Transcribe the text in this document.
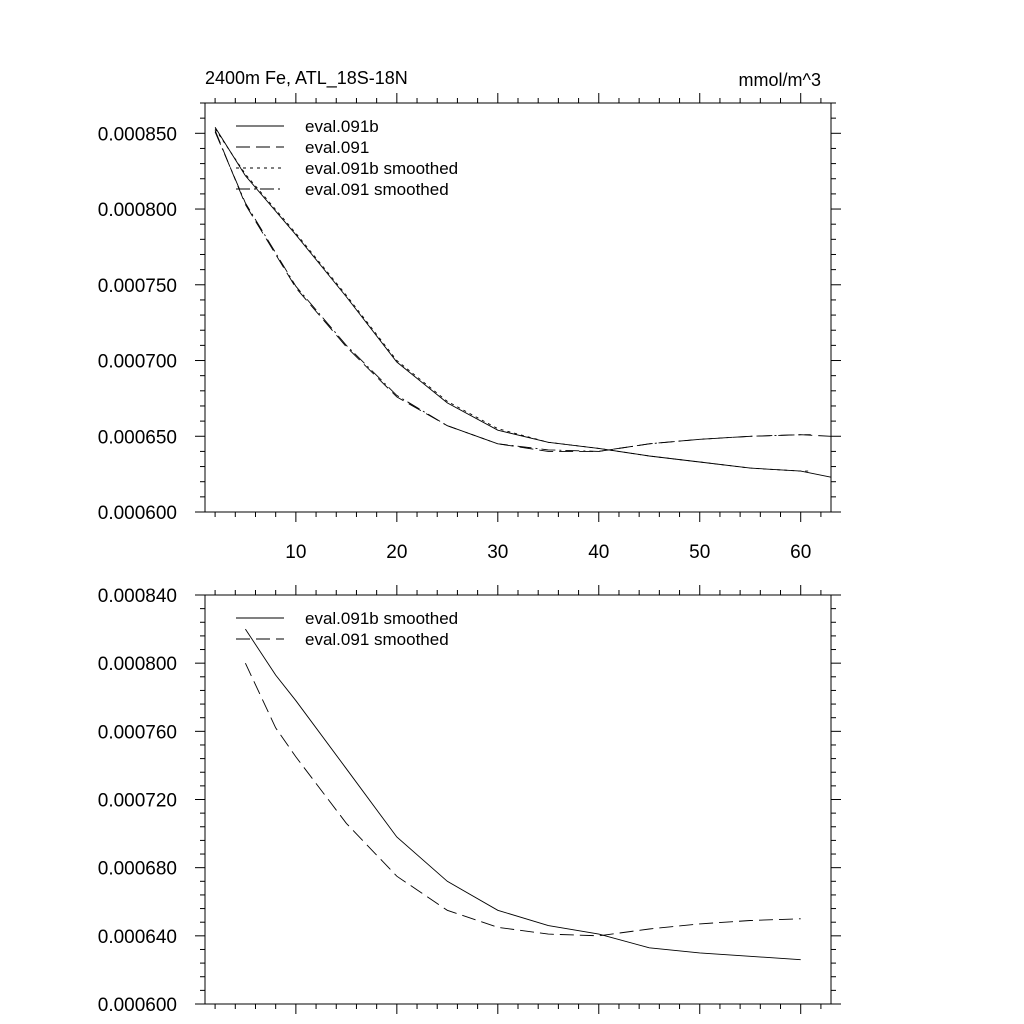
10	20	30	40	50	60
0.000600
0.000650
0.000700
0.000750
0.000800
0.000850
2400m Fe, ATL_18S-18N	mmol/m^3
eval.091b
eval.091
eval.091b smoothed
eval.091 smoothed
0.000600
0.000640
0.000680
0.000720
0.000760
0.000800
0.000840
eval.091b smoothed
eval.091 smoothed
